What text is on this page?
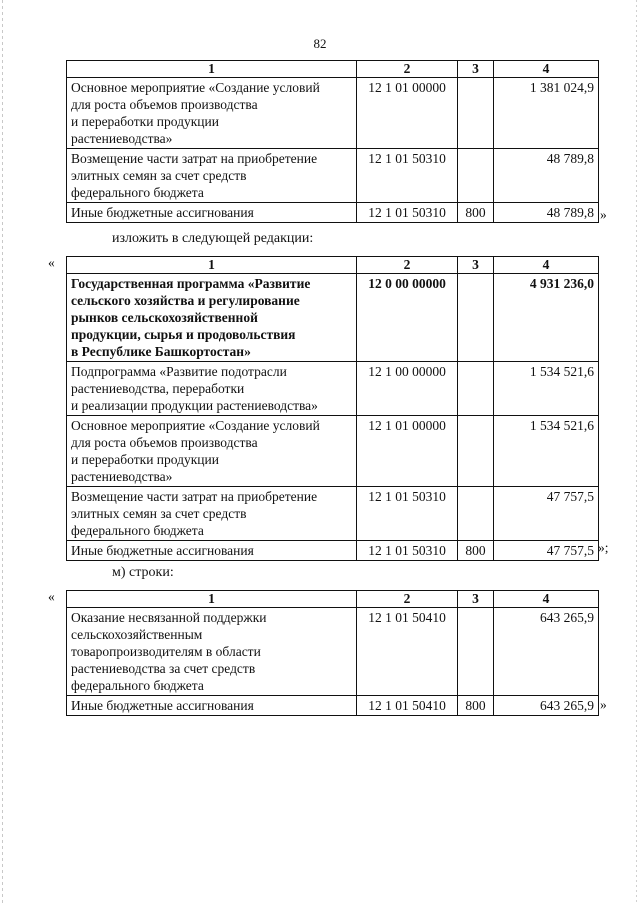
82
1	2	3	4

Основное мероприятие «Создание условий
для роста объемов производства
и переработки продукции
растениеводства»	12 1 01 00000		1 381 024,9

Возмещение части затрат на приобретение
элитных семян за счет средств
федерального бюджета	12 1 01 50310		48 789,8

Иные бюджетные ассигнования	12 1 01 50310	800	48 789,8 »
изложить в следующей редакции:
«	1	2	3	4

Государственная программа «Развитие
сельского хозяйства и регулирование
рынков сельскохозяйственной
продукции, сырья и продовольствия
в Республике Башкортостан»	12 0 00 00000		4 931 236,0

Подпрограмма «Развитие подотрасли
растениеводства, переработки
и реализации продукции растениеводства»	12 1 00 00000		1 534 521,6

Основное мероприятие «Создание условий
для роста объемов производства
и переработки продукции
растениеводства»	12 1 01 00000		1 534 521,6

Возмещение части затрат на приобретение
элитных семян за счет средств
федерального бюджета	12 1 01 50310		47 757,5

Иные бюджетные ассигнования	12 1 01 50310	800	47 757,5 »;
м) строки:
«	1	2	3	4

Оказание несвязанной поддержки
сельскохозяйственным
товаропроизводителям в области
растениеводства за счет средств
федерального бюджета	12 1 01 50410		643 265,9

Иные бюджетные ассигнования	12 1 01 50410	800	643 265,9 »
